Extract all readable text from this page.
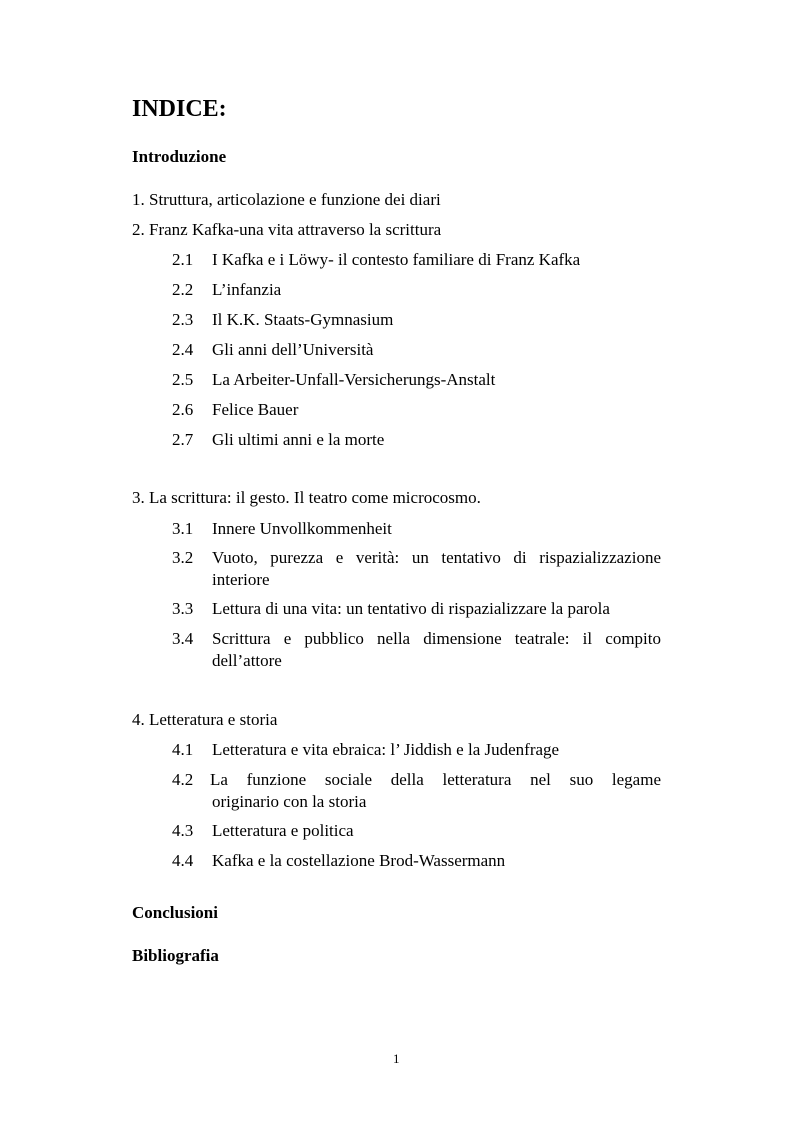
INDICE:
Introduzione
1. Struttura, articolazione e funzione dei diari
2. Franz Kafka-una vita attraverso la scrittura
2.1 I Kafka e i Löwy- il contesto familiare di Franz Kafka
2.2 L’infanzia
2.3 Il K.K. Staats-Gymnasium
2.4 Gli anni dell’Università
2.5 La Arbeiter-Unfall-Versicherungs-Anstalt
2.6 Felice Bauer
2.7 Gli ultimi anni e la morte
3. La scrittura: il gesto. Il teatro come microcosmo.
3.1 Innere Unvollkommenheit
3.2 Vuoto, purezza e verità: un tentativo di rispazializzazione
interiore
3.3 Lettura di una vita: un tentativo di rispazializzare la parola
3.4 Scrittura e pubblico nella dimensione teatrale: il compito
dell’attore
4. Letteratura e storia
4.1 Letteratura e vita ebraica: l’ Jiddish e la Judenfrage
4.2 La funzione sociale della letteratura nel suo legame
originario con la storia
4.3 Letteratura e politica
4.4 Kafka e la costellazione Brod-Wassermann
Conclusioni
Bibliografia
1
